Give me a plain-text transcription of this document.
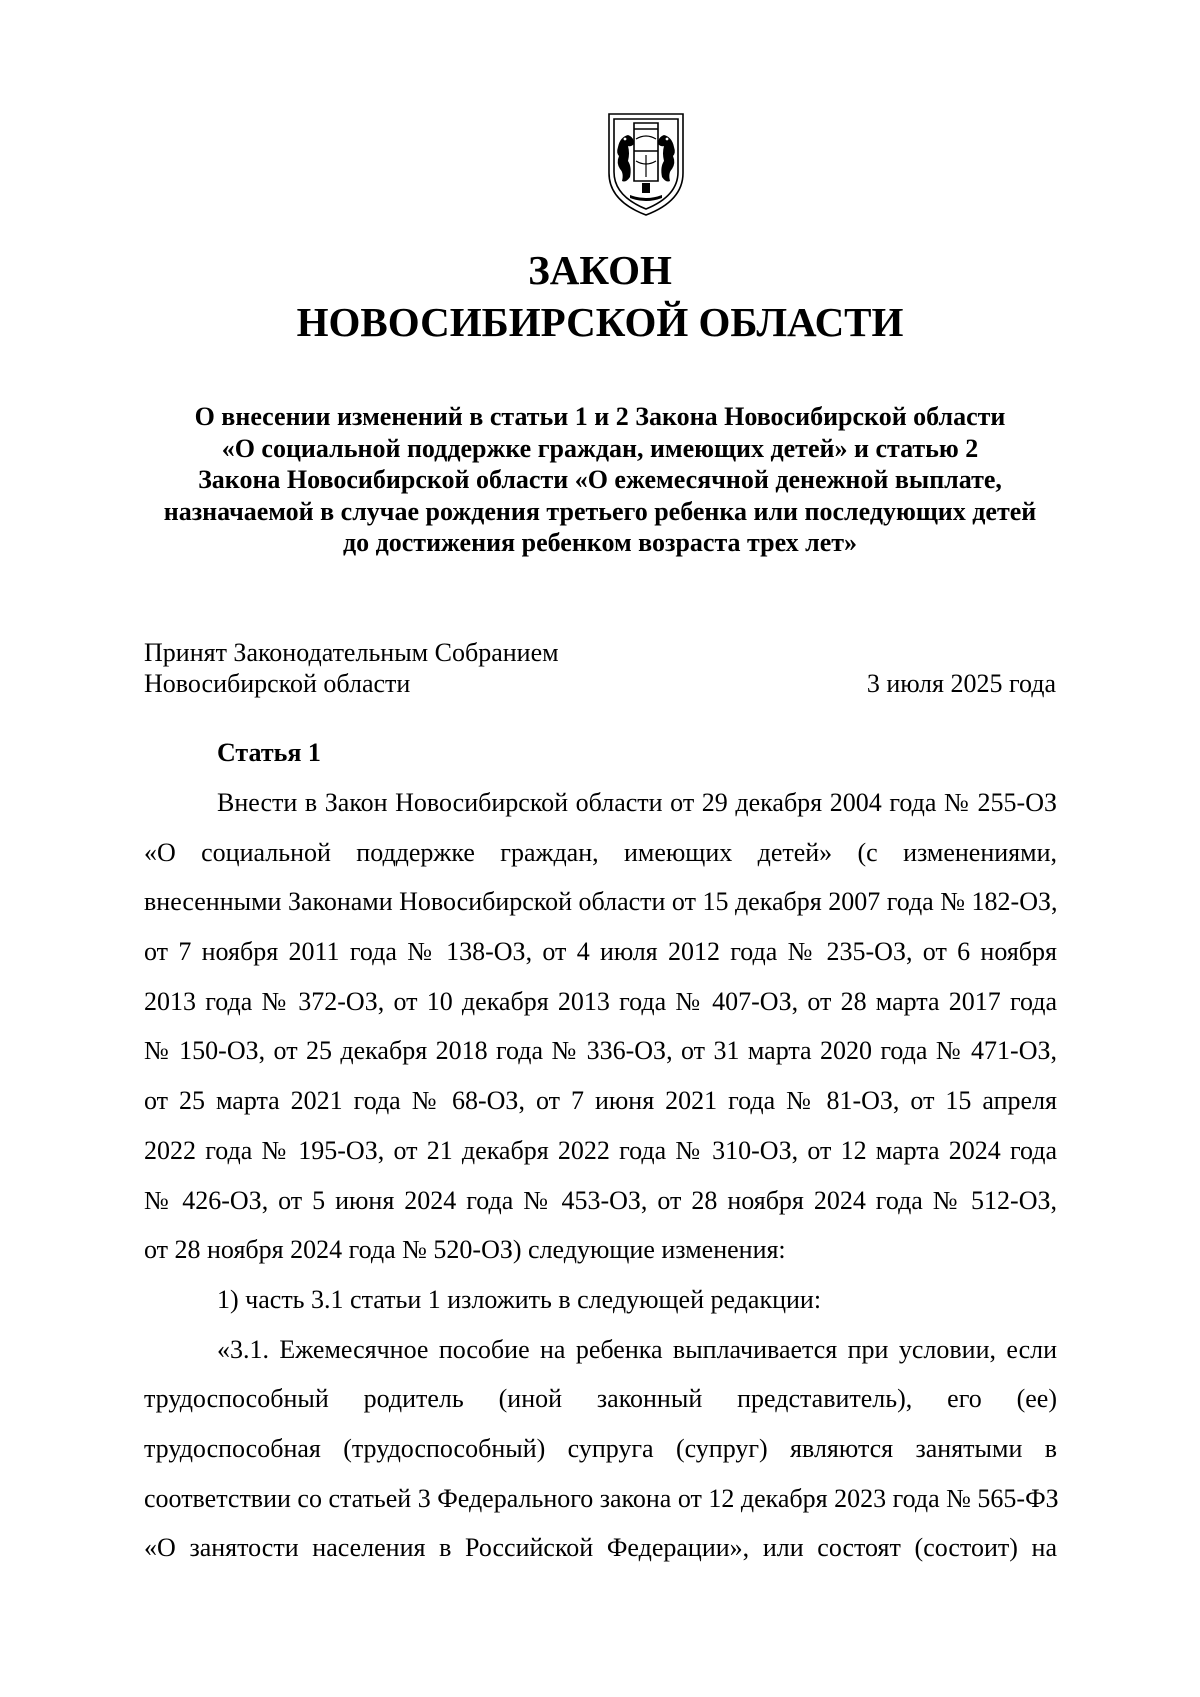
ЗАКОН
НОВОСИБИРСКОЙ ОБЛАСТИ
О внесении изменений в статьи 1 и 2 Закона Новосибирской области
«О социальной поддержке граждан, имеющих детей» и статью 2
Закона Новосибирской области «О ежемесячной денежной выплате,
назначаемой в случае рождения третьего ребенка или последующих детей
до достижения ребенком возраста трех лет»
Принят Законодательным Собранием
Новосибирской области	3 июля 2025 года
Статья 1
Внести в Закон Новосибирской области от 29 декабря 2004 года № 255-ОЗ
«О социальной поддержке граждан, имеющих детей» (с изменениями,
внесенными Законами Новосибирской области от 15 декабря 2007 года № 182-ОЗ,
от 7 ноября 2011 года № 138-ОЗ, от 4 июля 2012 года № 235-ОЗ, от 6 ноября
2013 года № 372-ОЗ, от 10 декабря 2013 года № 407-ОЗ, от 28 марта 2017 года
№ 150-ОЗ, от 25 декабря 2018 года № 336-ОЗ, от 31 марта 2020 года № 471-ОЗ,
от 25 марта 2021 года № 68-ОЗ, от 7 июня 2021 года № 81-ОЗ, от 15 апреля
2022 года № 195-ОЗ, от 21 декабря 2022 года № 310-ОЗ, от 12 марта 2024 года
№ 426-ОЗ, от 5 июня 2024 года № 453-ОЗ, от 28 ноября 2024 года № 512-ОЗ,
от 28 ноября 2024 года № 520-ОЗ) следующие изменения:
1) часть 3.1 статьи 1 изложить в следующей редакции:
«3.1. Ежемесячное пособие на ребенка выплачивается при условии, если
трудоспособный родитель (иной законный представитель), его (ее)
трудоспособная (трудоспособный) супруга (супруг) являются занятыми в
соответствии со статьей 3 Федерального закона от 12 декабря 2023 года № 565-ФЗ
«О занятости населения в Российской Федерации», или состоят (состоит) на
